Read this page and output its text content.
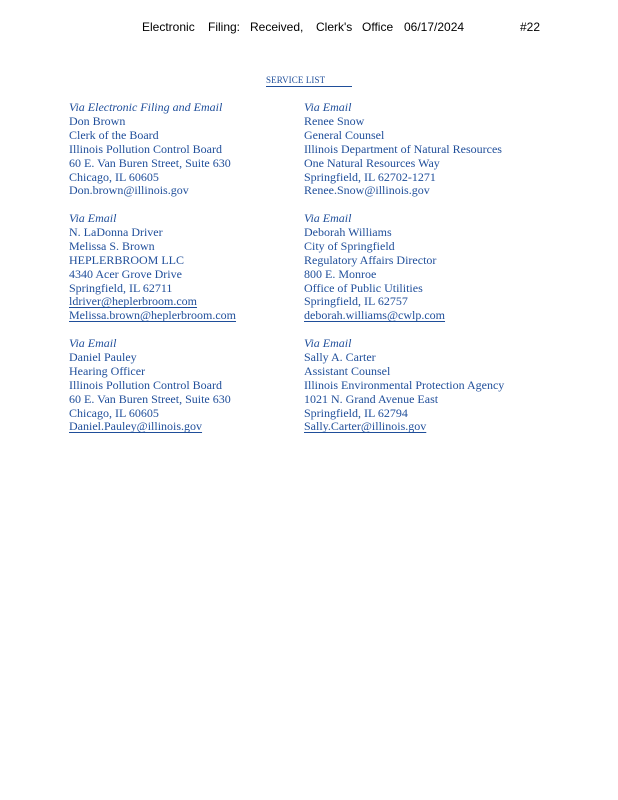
Electronic Filing: Received, Clerk's Office 06/17/2024	#22
SERVICE LIST
Via Electronic Filing and Email
Don Brown
Clerk of the Board
Illinois Pollution Control Board
60 E. Van Buren Street, Suite 630
Chicago, IL 60605
Don.brown@illinois.gov
Via Email
Renee Snow
General Counsel
Illinois Department of Natural Resources
One Natural Resources Way
Springfield, IL 62702-1271
Renee.Snow@illinois.gov
Via Email
N. LaDonna Driver
Melissa S. Brown
HEPLERBROOM LLC
4340 Acer Grove Drive
Springfield, IL 62711
ldriver@heplerbroom.com
Melissa.brown@heplerbroom.com
Via Email
Deborah Williams
City of Springfield
Regulatory Affairs Director
800 E. Monroe
Office of Public Utilities
Springfield, IL 62757
deborah.williams@cwlp.com
Via Email
Daniel Pauley
Hearing Officer
Illinois Pollution Control Board
60 E. Van Buren Street, Suite 630
Chicago, IL 60605
Daniel.Pauley@illinois.gov
Via Email
Sally A. Carter
Assistant Counsel
Illinois Environmental Protection Agency
1021 N. Grand Avenue East
Springfield, IL 62794
Sally.Carter@illinois.gov
